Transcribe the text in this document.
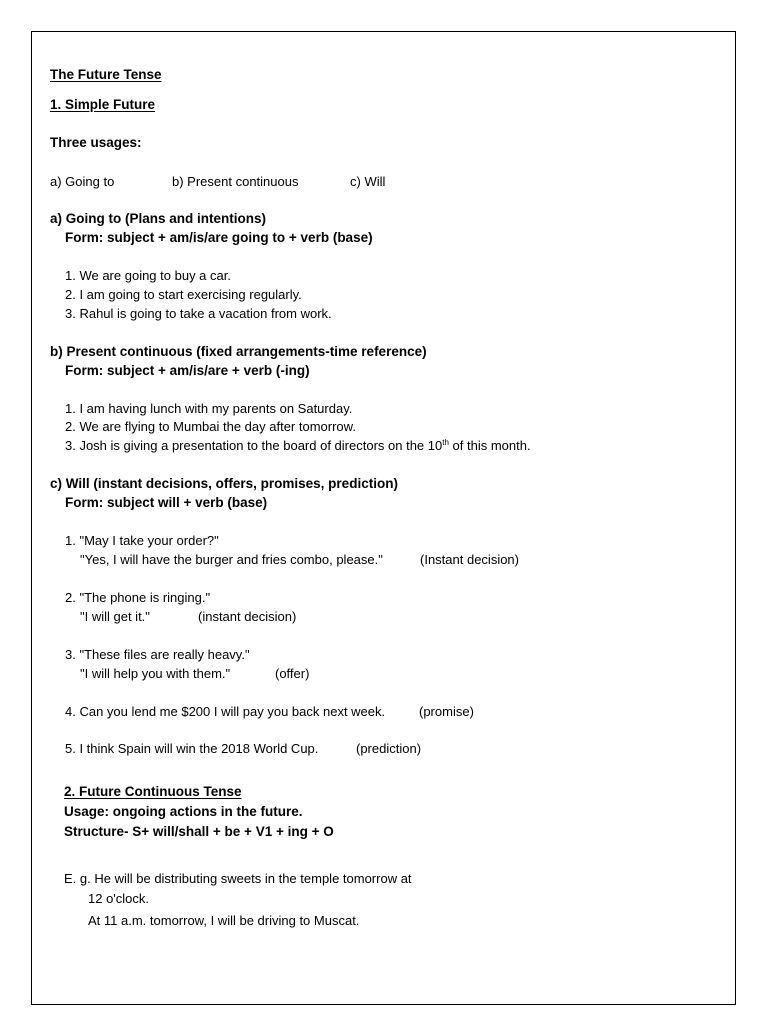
The Future Tense
1. Simple Future
Three usages:
a) Going to	b) Present continuous	c) Will
a) Going to (Plans and intentions)
Form: subject + am/is/are going to + verb (base)
1. We are going to buy a car.
2. I am going to start exercising regularly.
3. Rahul is going to take a vacation from work.
b) Present continuous (fixed arrangements-time reference)
Form: subject + am/is/are + verb (-ing)
1. I am having lunch with my parents on Saturday.
2. We are flying to Mumbai the day after tomorrow.
3. Josh is giving a presentation to the board of directors on the 10th of this month.
c) Will (instant decisions, offers, promises, prediction)
Form: subject will + verb (base)
1. "May I take your order?"
"Yes, I will have the burger and fries combo, please."	(Instant decision)
2. "The phone is ringing."
"I will get it."	(instant decision)
3. "These files are really heavy."
"I will help you with them."	(offer)
4. Can you lend me $200 I will pay you back next week.	(promise)
5. I think Spain will win the 2018 World Cup.	(prediction)
2. Future Continuous Tense
Usage: ongoing actions in the future.
Structure- S+ will/shall + be + V1 + ing + O
E. g. He will be distributing sweets in the temple tomorrow at
12 o'clock.
At 11 a.m. tomorrow, I will be driving to Muscat.
